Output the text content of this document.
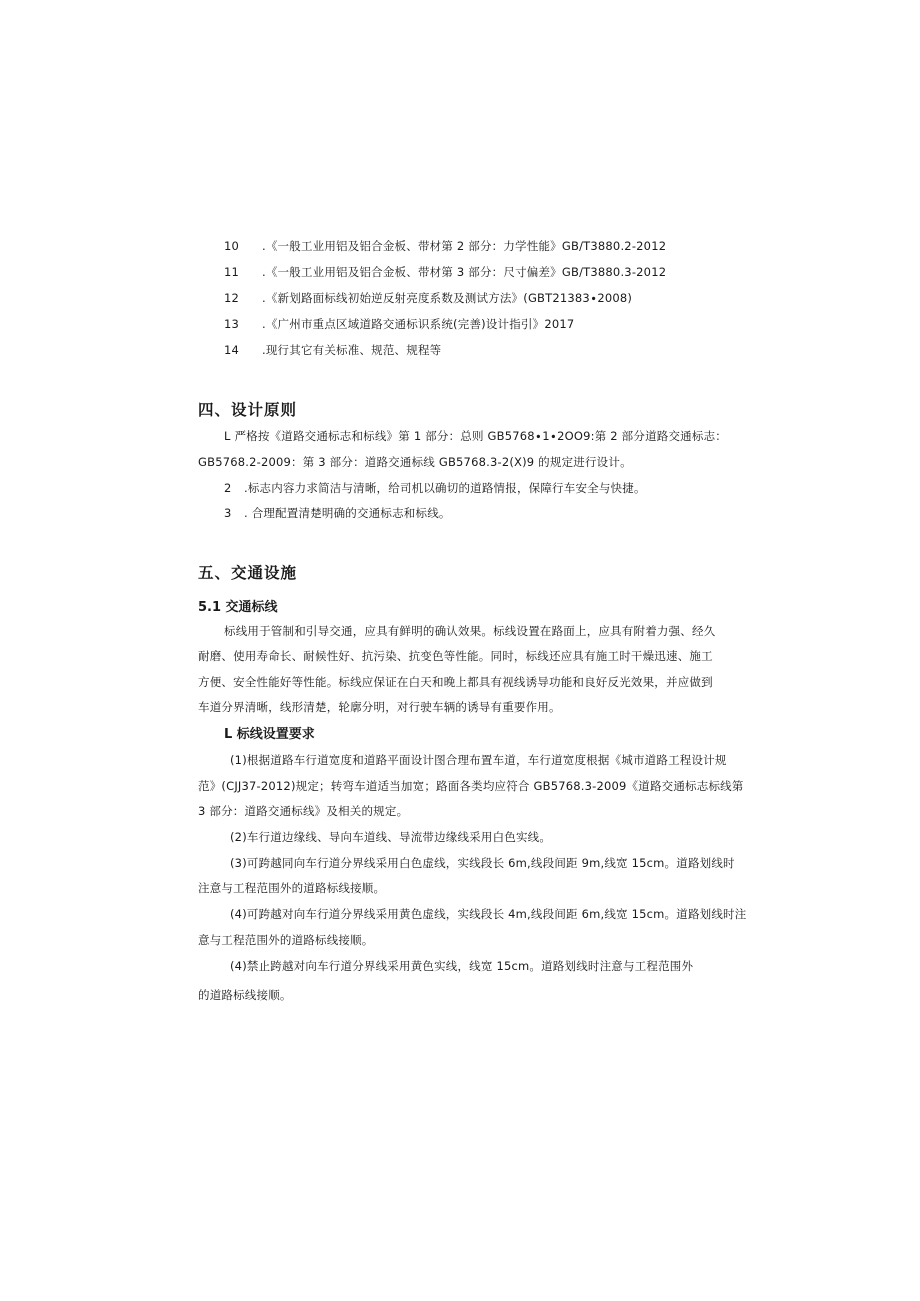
10 .《一般工业用铝及铝合金板、带材第 2 部分：力学性能》GB/T3880.2-2012
11 .《一般工业用铝及铝合金板、带材第 3 部分：尺寸偏差》GB/T3880.3-2012
12 .《新划路面标线初始逆反射亮度系数及测试方法》(GBT21383∙2008)
13 .《广州市重点区域道路交通标识系统(完善)设计指引》2017
14 .现行其它有关标准、规范、规程等
四、设计原则
L 严格按《道路交通标志和标线》第 1 部分：总则 GB5768∙1∙2OO9:第 2 部分道路交通标志：
GB5768.2-2009：第 3 部分：道路交通标线 GB5768.3-2(X)9 的规定进行设计。
2 .标志内容力求简洁与清晰，给司机以确切的道路情报，保障行车安全与快捷。
3 . 合理配置清楚明确的交通标志和标线。
五、交通设施
5.1 交通标线
标线用于管制和引导交通，应具有鲜明的确认效果。标线设置在路面上，应具有附着力强、经久
耐磨、使用寿命长、耐候性好、抗污染、抗变色等性能。同时，标线还应具有施工时干燥迅速、施工
方便、安全性能好等性能。标线应保证在白天和晚上都具有视线诱导功能和良好反光效果，并应做到
车道分界清晰，线形清楚，轮廓分明，对行驶车辆的诱导有重要作用。
L 标线设置要求
(1)根据道路车行道宽度和道路平面设计图合理布置车道，车行道宽度根据《城市道路工程设计规
范》(CJJ37-2012)规定；转弯车道适当加宽；路面各类均应符合 GB5768.3-2009《道路交通标志标线第
3 部分：道路交通标线》及相关的规定。
(2)车行道边缘线、导向车道线、导流带边缘线采用白色实线。
(3)可跨越同向车行道分界线采用白色虚线，实线段长 6m,线段间距 9m,线宽 15cm。道路划线时
注意与工程范围外的道路标线接顺。
(4)可跨越对向车行道分界线采用黄色虚线，实线段长 4m,线段间距 6m,线宽 15cm。道路划线时注
意与工程范围外的道路标线接顺。
(4)禁止跨越对向车行道分界线采用黄色实线，线宽 15cm。道路划线时注意与工程范围外
的道路标线接顺。
